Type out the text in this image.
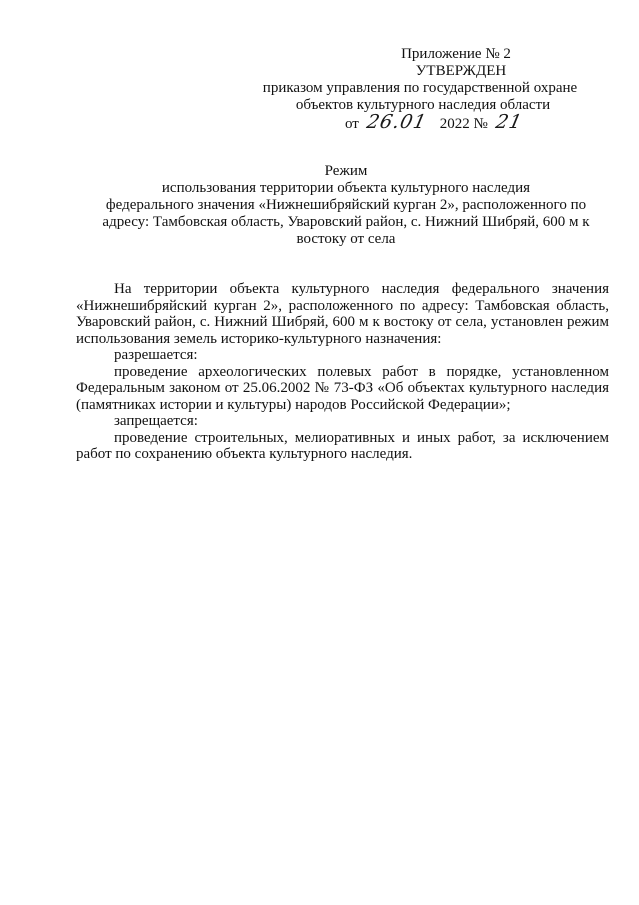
Приложение № 2
УТВЕРЖДЕН
приказом управления по государственной охране
объектов культурного наследия области
от 26.01 2022 № 21
Режим
использования территории объекта культурного наследия
федерального значения «Нижнешибряйский курган 2», расположенного по
адресу: Тамбовская область, Уваровский район, с. Нижний Шибряй, 600 м к
востоку от села

На территории объекта культурного наследия федерального значения «Нижнешибряйский курган 2», расположенного по адресу: Тамбовская область, Уваровский район, с. Нижний Шибряй, 600 м к востоку от села, установлен режим использования земель историко-культурного назначения:

разрешается:

проведение археологических полевых работ в порядке, установленном Федеральным законом от 25.06.2002 № 73-ФЗ «Об объектах культурного наследия (памятниках истории и культуры) народов Российской Федерации»;

запрещается:

проведение строительных, мелиоративных и иных работ, за исключением работ по сохранению объекта культурного наследия.
